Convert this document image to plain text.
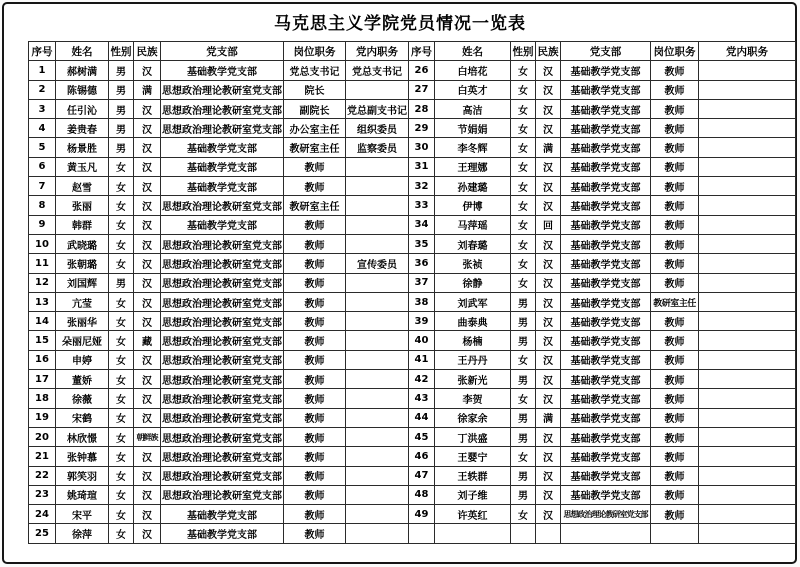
马克思主义学院党员情况一览表
序号	姓名	性别	民族	党支部	岗位职务	党内职务	序号	姓名	性别	民族	党支部	岗位职务	党内职务
1	郝树满	男	汉	基础教学党支部	党总支书记	党总支书记	26	白培花	女	汉	基础教学党支部	教师	
2	陈锡德	男	满	思想政治理论教研室党支部	院长		27	白英才	女	汉	基础教学党支部	教师	
3	任引沁	男	汉	思想政治理论教研室党支部	副院长	党总副支书记	28	高洁	女	汉	基础教学党支部	教师	
4	姜贵春	男	汉	思想政治理论教研室党支部	办公室主任	组织委员	29	节娟娟	女	汉	基础教学党支部	教师	
5	杨景胜	男	汉	基础教学党支部	教研室主任	监察委员	30	李冬辉	女	满	基础教学党支部	教师	
6	黄玉凡	女	汉	基础教学党支部	教师		31	王理娜	女	汉	基础教学党支部	教师	
7	赵雪	女	汉	基础教学党支部	教师		32	孙建璐	女	汉	基础教学党支部	教师	
8	张丽	女	汉	思想政治理论教研室党支部	教研室主任		33	伊博	女	汉	基础教学党支部	教师	
9	韩群	女	汉	基础教学党支部	教师		34	马萍瑶	女	回	基础教学党支部	教师	
10	武晓璐	女	汉	思想政治理论教研室党支部	教师		35	刘春璐	女	汉	基础教学党支部	教师	
11	张朝璐	女	汉	思想政治理论教研室党支部	教师	宣传委员	36	张祯	女	汉	基础教学党支部	教师	
12	刘国辉	男	汉	思想政治理论教研室党支部	教师		37	徐静	女	汉	基础教学党支部	教师	
13	亢莹	女	汉	思想政治理论教研室党支部	教师		38	刘武军	男	汉	基础教学党支部	教研室主任	
14	张丽华	女	汉	思想政治理论教研室党支部	教师		39	曲泰典	男	汉	基础教学党支部	教师	
15	朵丽尼娅	女	藏	思想政治理论教研室党支部	教师		40	杨楠	男	汉	基础教学党支部	教师	
16	申婷	女	汉	思想政治理论教研室党支部	教师		41	王丹丹	女	汉	基础教学党支部	教师	
17	董娇	女	汉	思想政治理论教研室党支部	教师		42	张新光	男	汉	基础教学党支部	教师	
18	徐薇	女	汉	思想政治理论教研室党支部	教师		43	李贺	女	汉	基础教学党支部	教师	
19	宋鹤	女	汉	思想政治理论教研室党支部	教师		44	徐家余	男	满	基础教学党支部	教师	
20	林欣憬	女	朝鲜族	思想政治理论教研室党支部	教师		45	丁洪盛	男	汉	基础教学党支部	教师	
21	张钟慕	女	汉	思想政治理论教研室党支部	教师		46	王婴宁	女	汉	基础教学党支部	教师	
22	郭笑羽	女	汉	思想政治理论教研室党支部	教师		47	王轶群	男	汉	基础教学党支部	教师	
23	姚琦瑄	女	汉	思想政治理论教研室党支部	教师		48	刘子维	男	汉	基础教学党支部	教师	
24	宋平	女	汉	基础教学党支部	教师		49	许英红	女	汉	思想政治理论教研室党支部	教师	
25	徐萍	女	汉	基础教学党支部	教师								
